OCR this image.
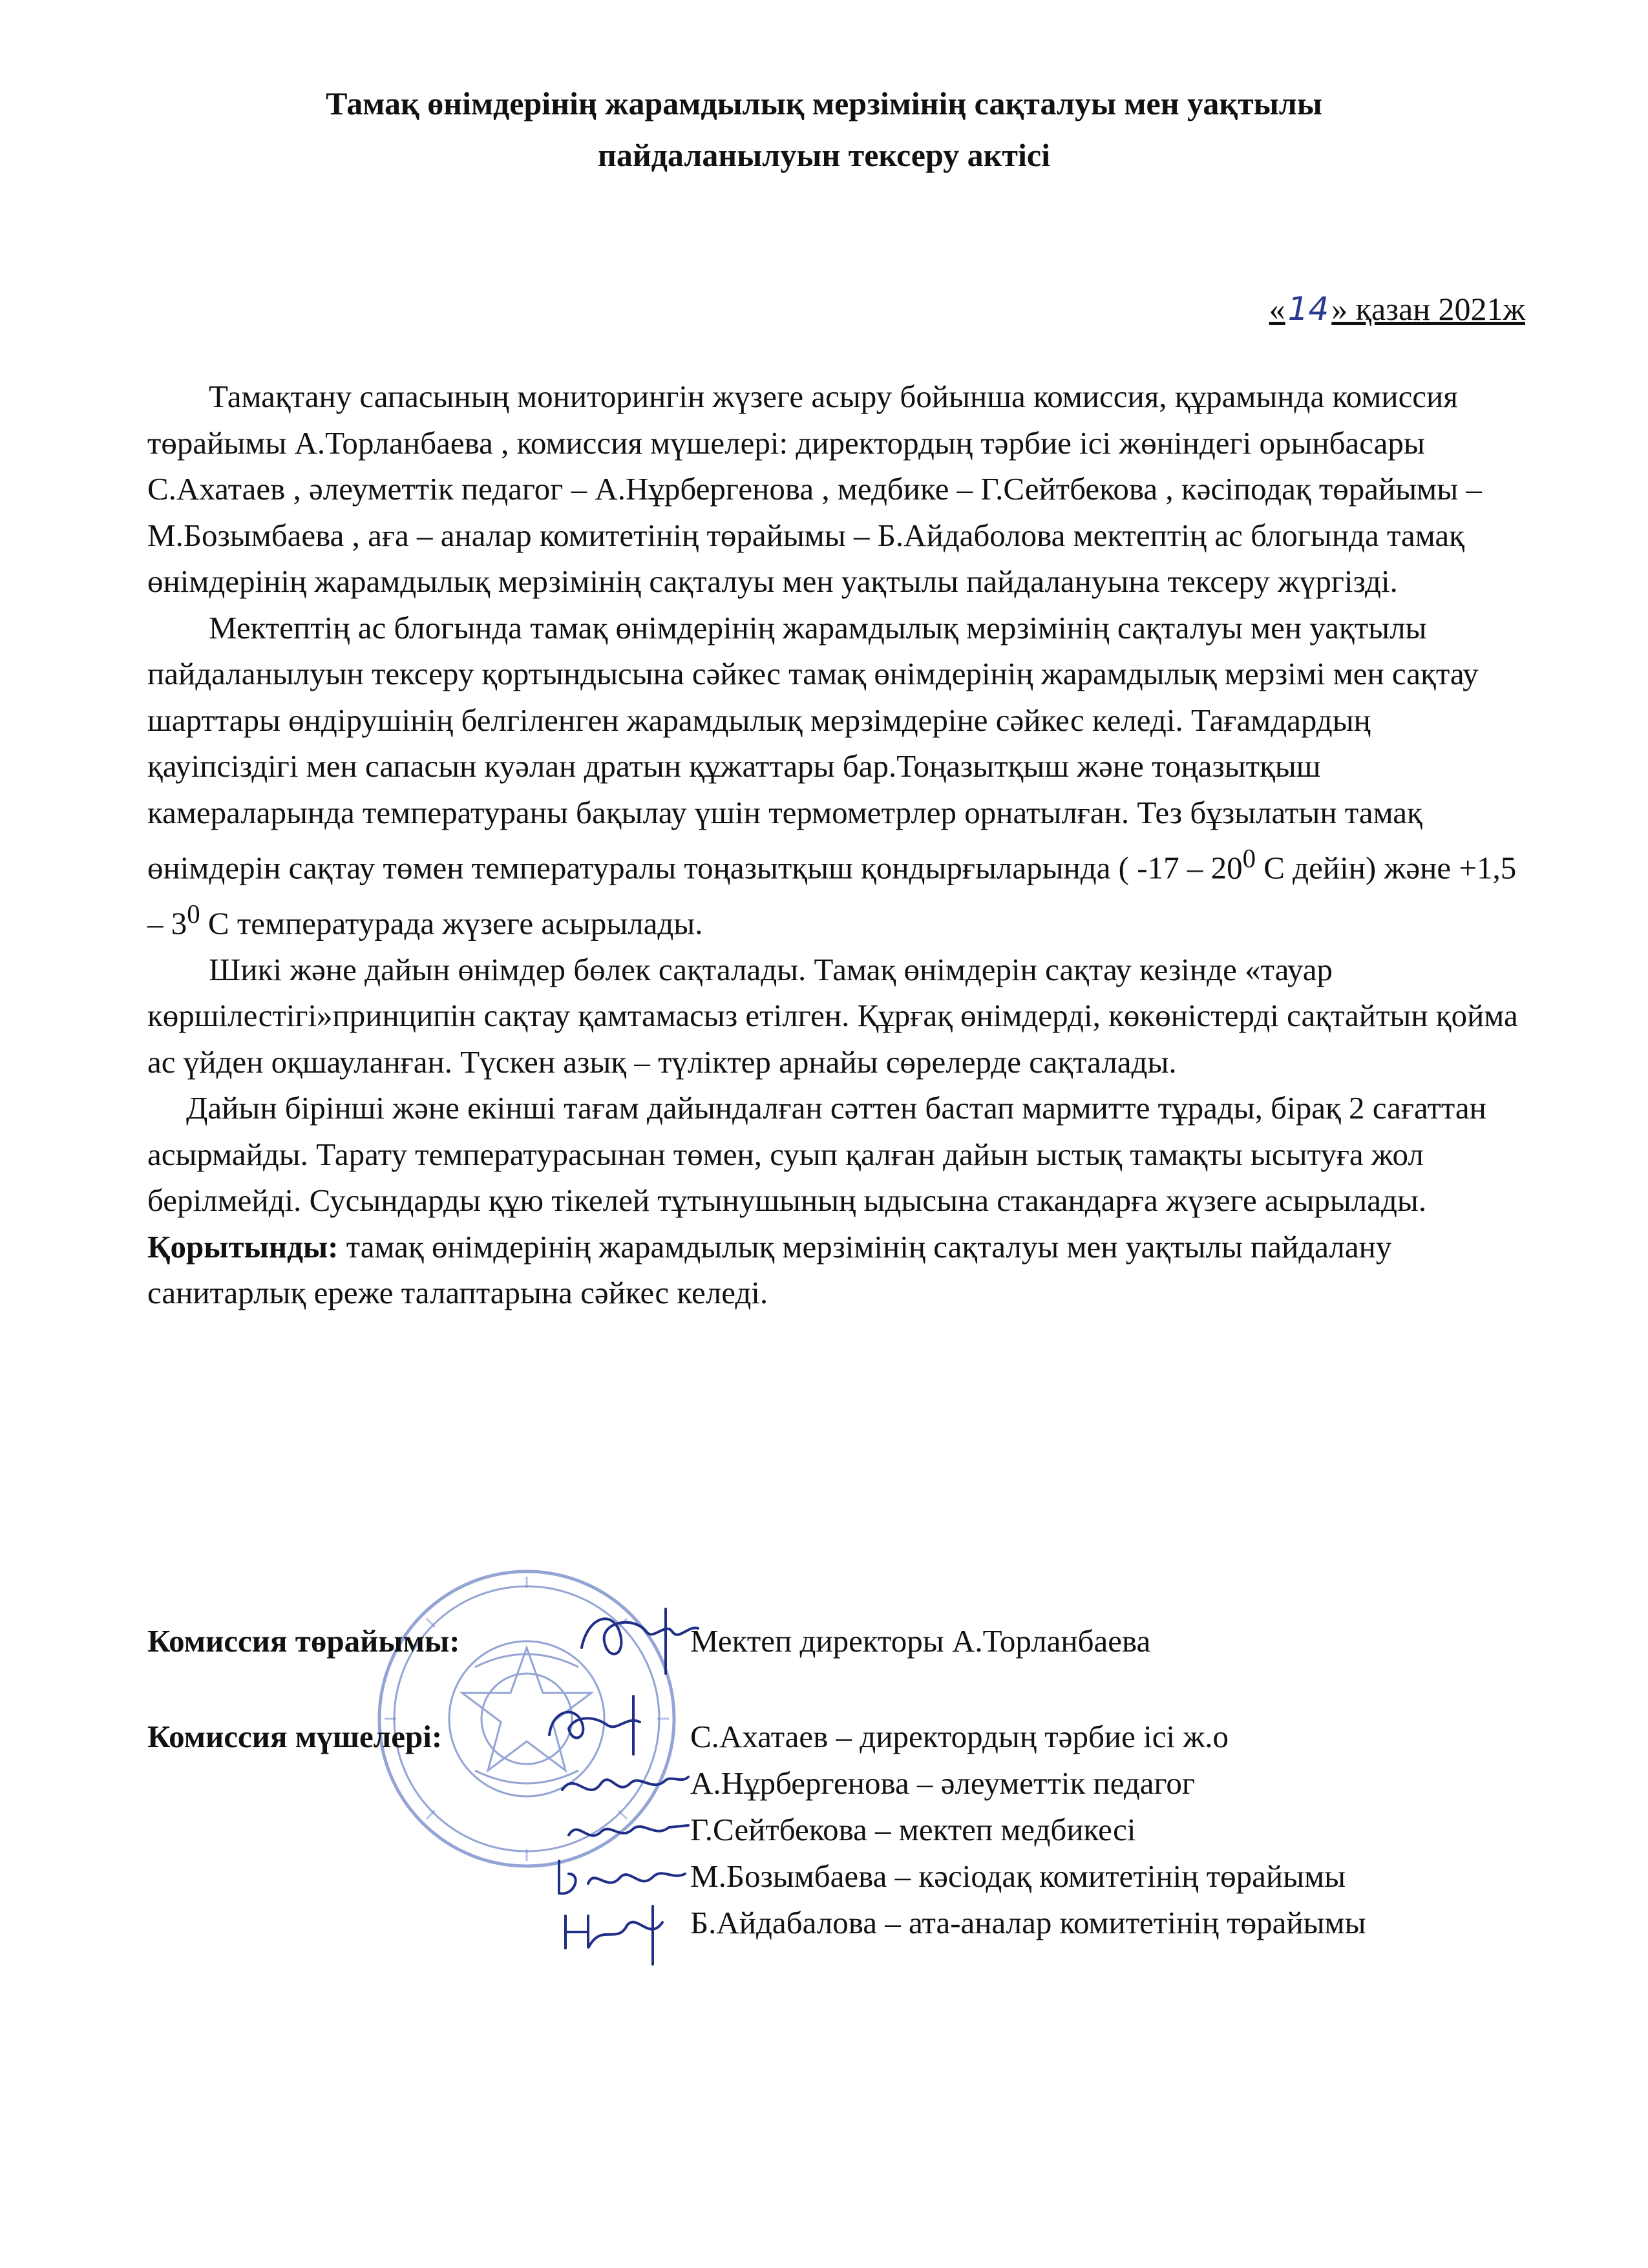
Тамақ өнімдерінің жарамдылық мерзімінің сақталуы мен уақтылы
пайдаланылуын тексеру актісі
«14» қазан 2021ж

Тамақтану сапасының мониторингін жүзеге асыру бойынша комиссия, құрамында комиссия төрайымы А.Торланбаева , комиссия мүшелері: директордың тәрбие ісі жөніндегі орынбасары С.Ахатаев , әлеуметтік педагог – А.Нұрбергенова , медбике – Г.Сейтбекова , кәсіподақ төрайымы – М.Бозымбаева , аға – аналар комитетінің төрайымы – Б.Айдаболова мектептің ас блогында тамақ өнімдерінің жарамдылық мерзімінің сақталуы мен уақтылы пайдалануына тексеру жүргізді.

Мектептің ас блогында тамақ өнімдерінің жарамдылық мерзімінің сақталуы мен уақтылы пайдаланылуын тексеру қортындысына сәйкес тамақ өнімдерінің жарамдылық мерзімі мен сақтау шарттары өндірушінің белгіленген жарамдылық мерзімдеріне сәйкес келеді. Тағамдардың қауіпсіздігі мен сапасын куәлан дратын құжаттары бар.Тоңазытқыш және тоңазытқыш камераларында температураны бақылау үшін термометрлер орнатылған. Тез бұзылатын тамақ өнімдерін сақтау төмен температуралы тоңазытқыш қондырғыларында ( $-17 - 20^0$ С дейін) және $+1,5 - 3^0$ С температурада жүзеге асырылады.

Шикі және дайын өнімдер бөлек сақталады. Тамақ өнімдерін сақтау кезінде «тауар көршілестігі»принципін сақтау қамтамасыз етілген. Құрғақ өнімдерді, көкөністерді сақтайтын қойма ас үйден оқшауланған. Түскен азық – түліктер арнайы сөрелерде сақталады.

Дайын бірінші және екінші тағам дайындалған сәттен бастап мармитте тұрады, бірақ 2 сағаттан асырмайды. Тарату температурасынан төмен, суып қалған дайын ыстық тамақты ысытуға жол берілмейді. Сусындарды құю тікелей тұтынушының ыдысына стакандарға жүзеге асырылады.

Қорытынды: тамақ өнімдерінің жарамдылық мерзімінің сақталуы мен уақтылы пайдалану санитарлық ереже талаптарына сәйкес келеді.

Комиссия төрайымы:	Мектеп директоры А.Торланбаева
Комиссия мүшелері:	С.Ахатаев – директордың тәрбие ісі ж.о
А.Нұрбергенова – әлеуметтік педагог
Г.Сейтбекова – мектеп медбикесі
М.Бозымбаева – кәсіодақ комитетінің төрайымы
Б.Айдабалова – ата-аналар комитетінің төрайымы
